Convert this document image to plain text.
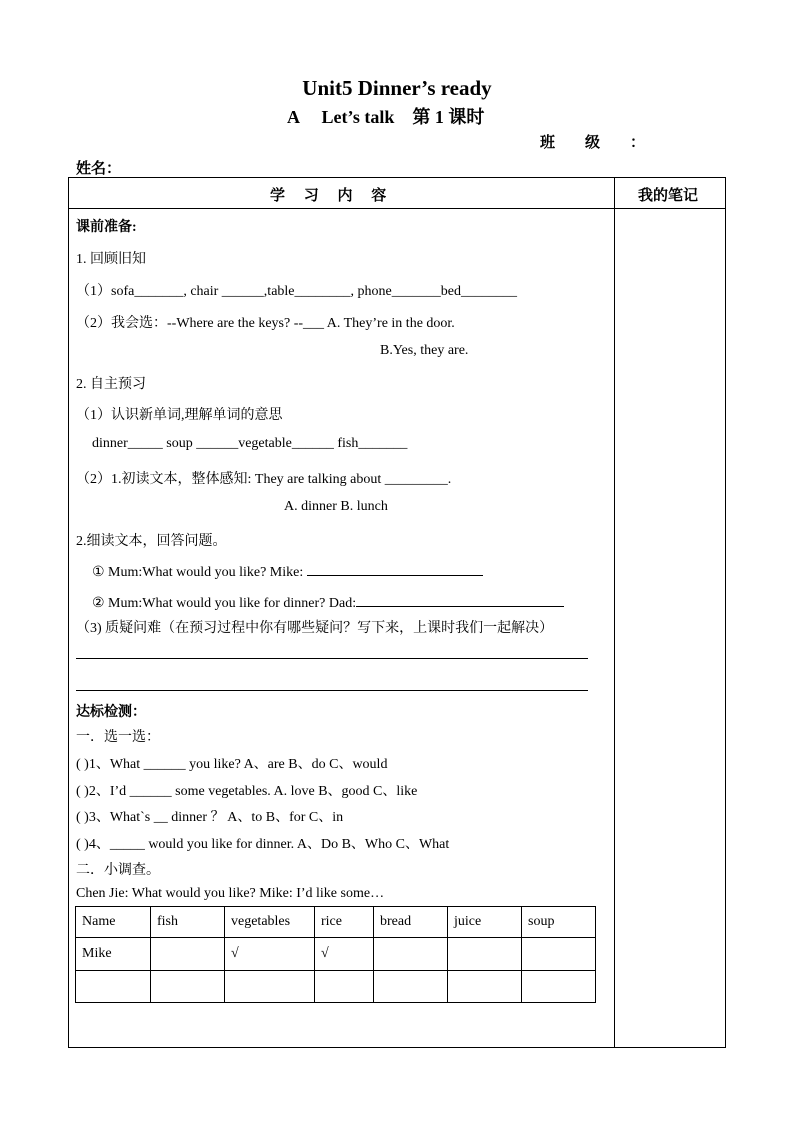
Unit5 Dinner’s ready
A　 Let’s talk　第 1 课时
班　　级　　：
姓名：
学　 习　 内　 容	我的笔记
课前准备:
1. 回顾旧知
（1）sofa_______, chair ______,table________, phone_______bed________
（2）我会选：--Where are the keys? --___ A. They’re in the door.
B.Yes, they are.
2. 自主预习
（1）认识新单词,理解单词的意思
dinner_____ soup ______vegetable______ fish_______
（2）1.初读文本，整体感知: They are talking about _________.
A. dinner B. lunch
2.细读文本，回答问题。
① Mum:What would you like? Mike:
② Mum:What would you like for dinner? Dad:
（3) 质疑问难（在预习过程中你有哪些疑问？写下来，上课时我们一起解决）
达标检测：
一．选一选：
( )1、What ______ you like? A、are B、do C、would
( )2、I’d ______ some vegetables. A. love B、good C、like
( )3、What`s __ dinner ？ A、to B、for C、in
( )4、_____ would you like for dinner. A、Do B、Who C、What
二．小调查。
Chen Jie: What would you like? Mike: I’d like some…
Name	fish	vegetables	rice	bread	juice	soup
Mike		√	√			
